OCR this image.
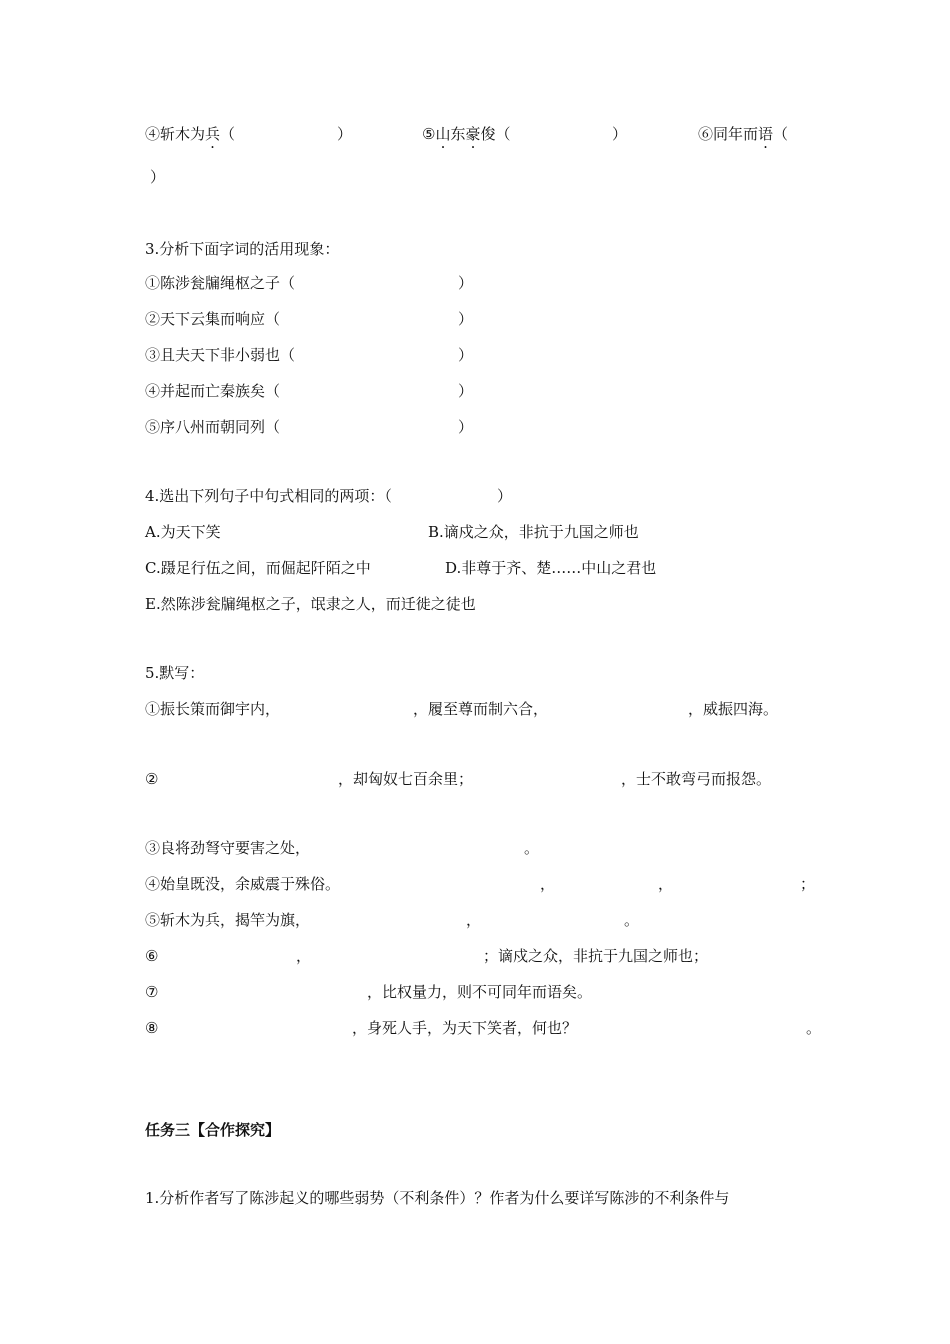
④斩木为兵（	）	⑤山东豪俊（	）	⑥同年而语（
）
3.分析下面字词的活用现象：
①陈涉瓮牖绳枢之子（	）
②天下云集而响应（	）
③且夫天下非小弱也（	）
④并起而亡秦族矣（	）
⑤序八州而朝同列（	）
4.选出下列句子中句式相同的两项：（	）
A.为天下笑	B.谪戍之众，非抗于九国之师也
C.蹑足行伍之间，而倔起阡陌之中	D.非尊于齐、楚……中山之君也
E.然陈涉瓮牖绳枢之子，氓隶之人，而迁徙之徒也
5.默写：
①振长策而御宇内，	，履至尊而制六合，	，威振四海。
②	，却匈奴七百余里；	，士不敢弯弓而报怨。
③良将劲弩守要害之处，	。
④始皇既没，余威震于殊俗。	，	，	；
⑤斩木为兵，揭竿为旗，	，	。
⑥	，	；谪戍之众，非抗于九国之师也；
⑦	，比权量力，则不可同年而语矣。
⑧	，身死人手，为天下笑者，何也？	。
任务三【合作探究】
1.分析作者写了陈涉起义的哪些弱势（不利条件）？作者为什么要详写陈涉的不利条件与
